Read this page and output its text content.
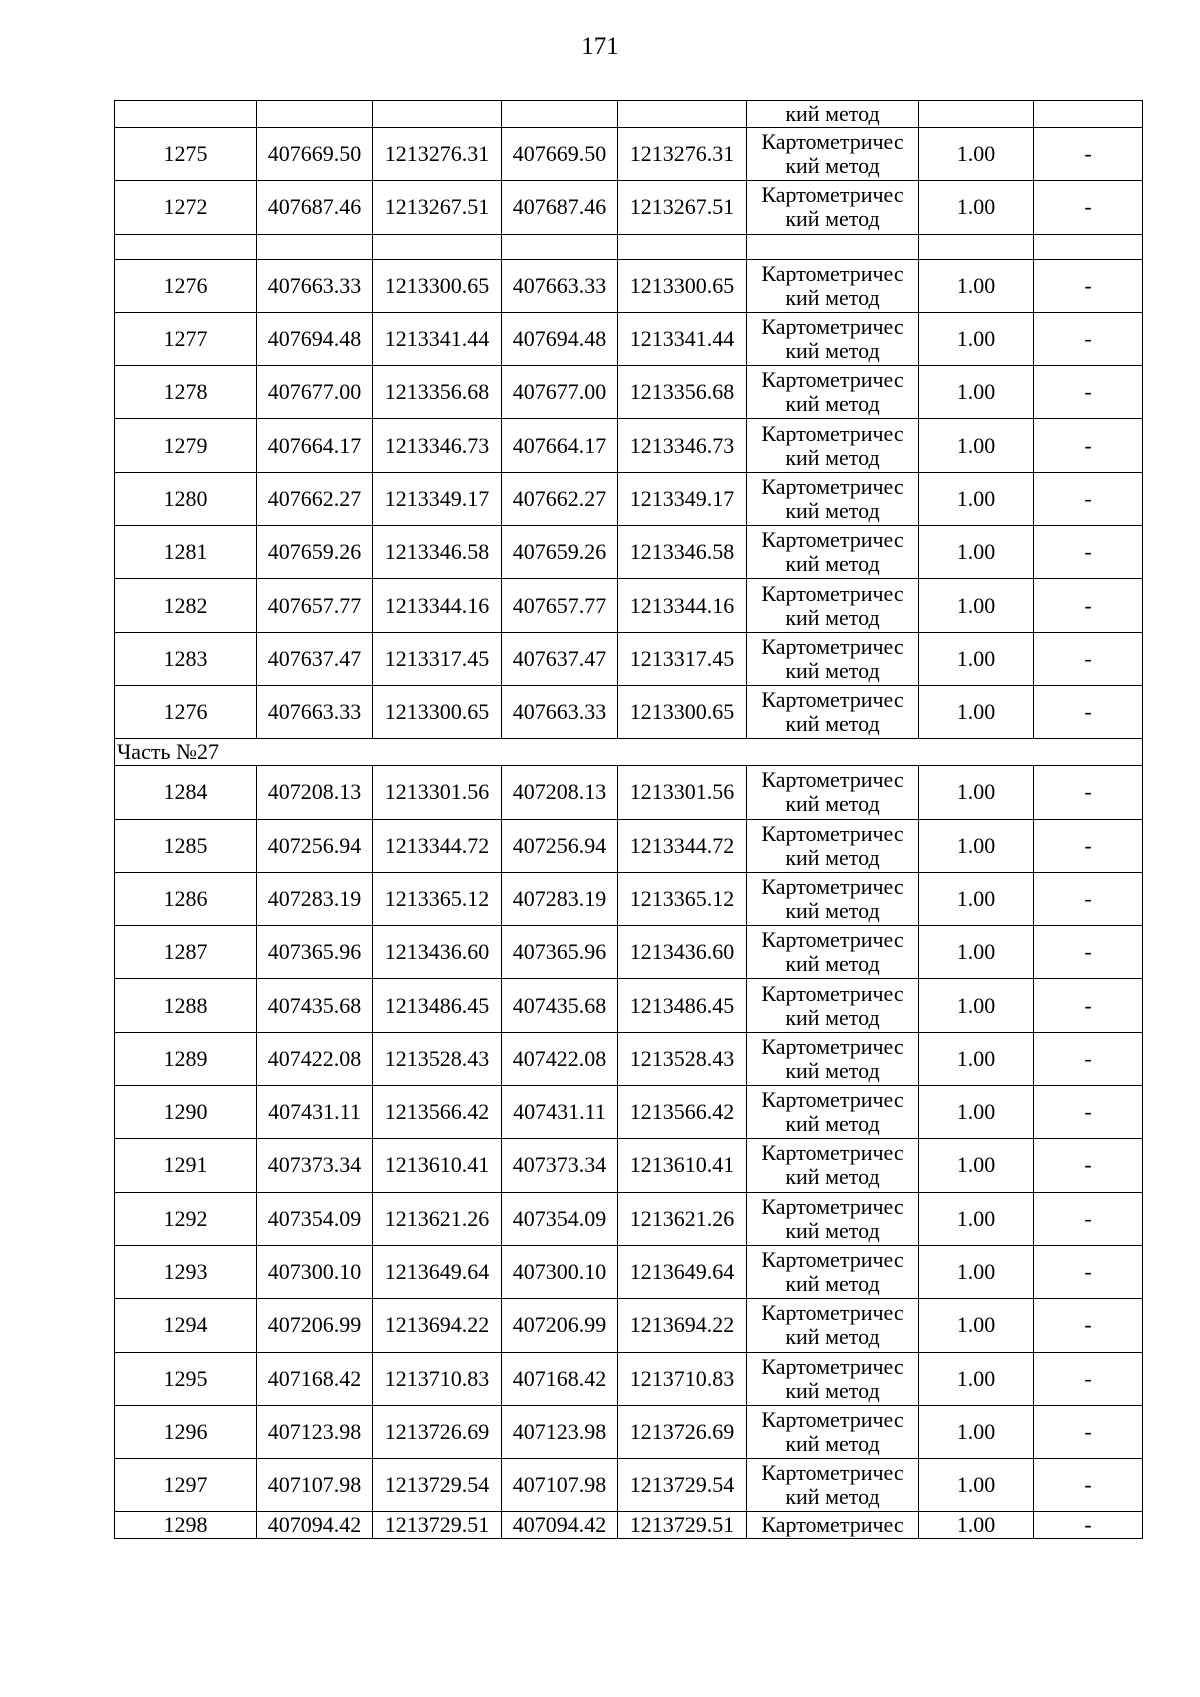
171
					кий метод		
1275	407669.50	1213276.31	407669.50	1213276.31	Картометричес
кий метод	1.00	-
1272	407687.46	1213267.51	407687.46	1213267.51	Картометричес
кий метод	1.00	-

1276	407663.33	1213300.65	407663.33	1213300.65	Картометричес
кий метод	1.00	-
1277	407694.48	1213341.44	407694.48	1213341.44	Картометричес
кий метод	1.00	-
1278	407677.00	1213356.68	407677.00	1213356.68	Картометричес
кий метод	1.00	-
1279	407664.17	1213346.73	407664.17	1213346.73	Картометричес
кий метод	1.00	-
1280	407662.27	1213349.17	407662.27	1213349.17	Картометричес
кий метод	1.00	-
1281	407659.26	1213346.58	407659.26	1213346.58	Картометричес
кий метод	1.00	-
1282	407657.77	1213344.16	407657.77	1213344.16	Картометричес
кий метод	1.00	-
1283	407637.47	1213317.45	407637.47	1213317.45	Картометричес
кий метод	1.00	-
1276	407663.33	1213300.65	407663.33	1213300.65	Картометричес
кий метод	1.00	-
Часть №27							
1284	407208.13	1213301.56	407208.13	1213301.56	Картометричес
кий метод	1.00	-
1285	407256.94	1213344.72	407256.94	1213344.72	Картометричес
кий метод	1.00	-
1286	407283.19	1213365.12	407283.19	1213365.12	Картометричес
кий метод	1.00	-
1287	407365.96	1213436.60	407365.96	1213436.60	Картометричес
кий метод	1.00	-
1288	407435.68	1213486.45	407435.68	1213486.45	Картометричес
кий метод	1.00	-
1289	407422.08	1213528.43	407422.08	1213528.43	Картометричес
кий метод	1.00	-
1290	407431.11	1213566.42	407431.11	1213566.42	Картометричес
кий метод	1.00	-
1291	407373.34	1213610.41	407373.34	1213610.41	Картометричес
кий метод	1.00	-
1292	407354.09	1213621.26	407354.09	1213621.26	Картометричес
кий метод	1.00	-
1293	407300.10	1213649.64	407300.10	1213649.64	Картометричес
кий метод	1.00	-
1294	407206.99	1213694.22	407206.99	1213694.22	Картометричес
кий метод	1.00	-
1295	407168.42	1213710.83	407168.42	1213710.83	Картометричес
кий метод	1.00	-
1296	407123.98	1213726.69	407123.98	1213726.69	Картометричес
кий метод	1.00	-
1297	407107.98	1213729.54	407107.98	1213729.54	Картометричес
кий метод	1.00	-
1298	407094.42	1213729.51	407094.42	1213729.51	Картометричес	1.00	-
